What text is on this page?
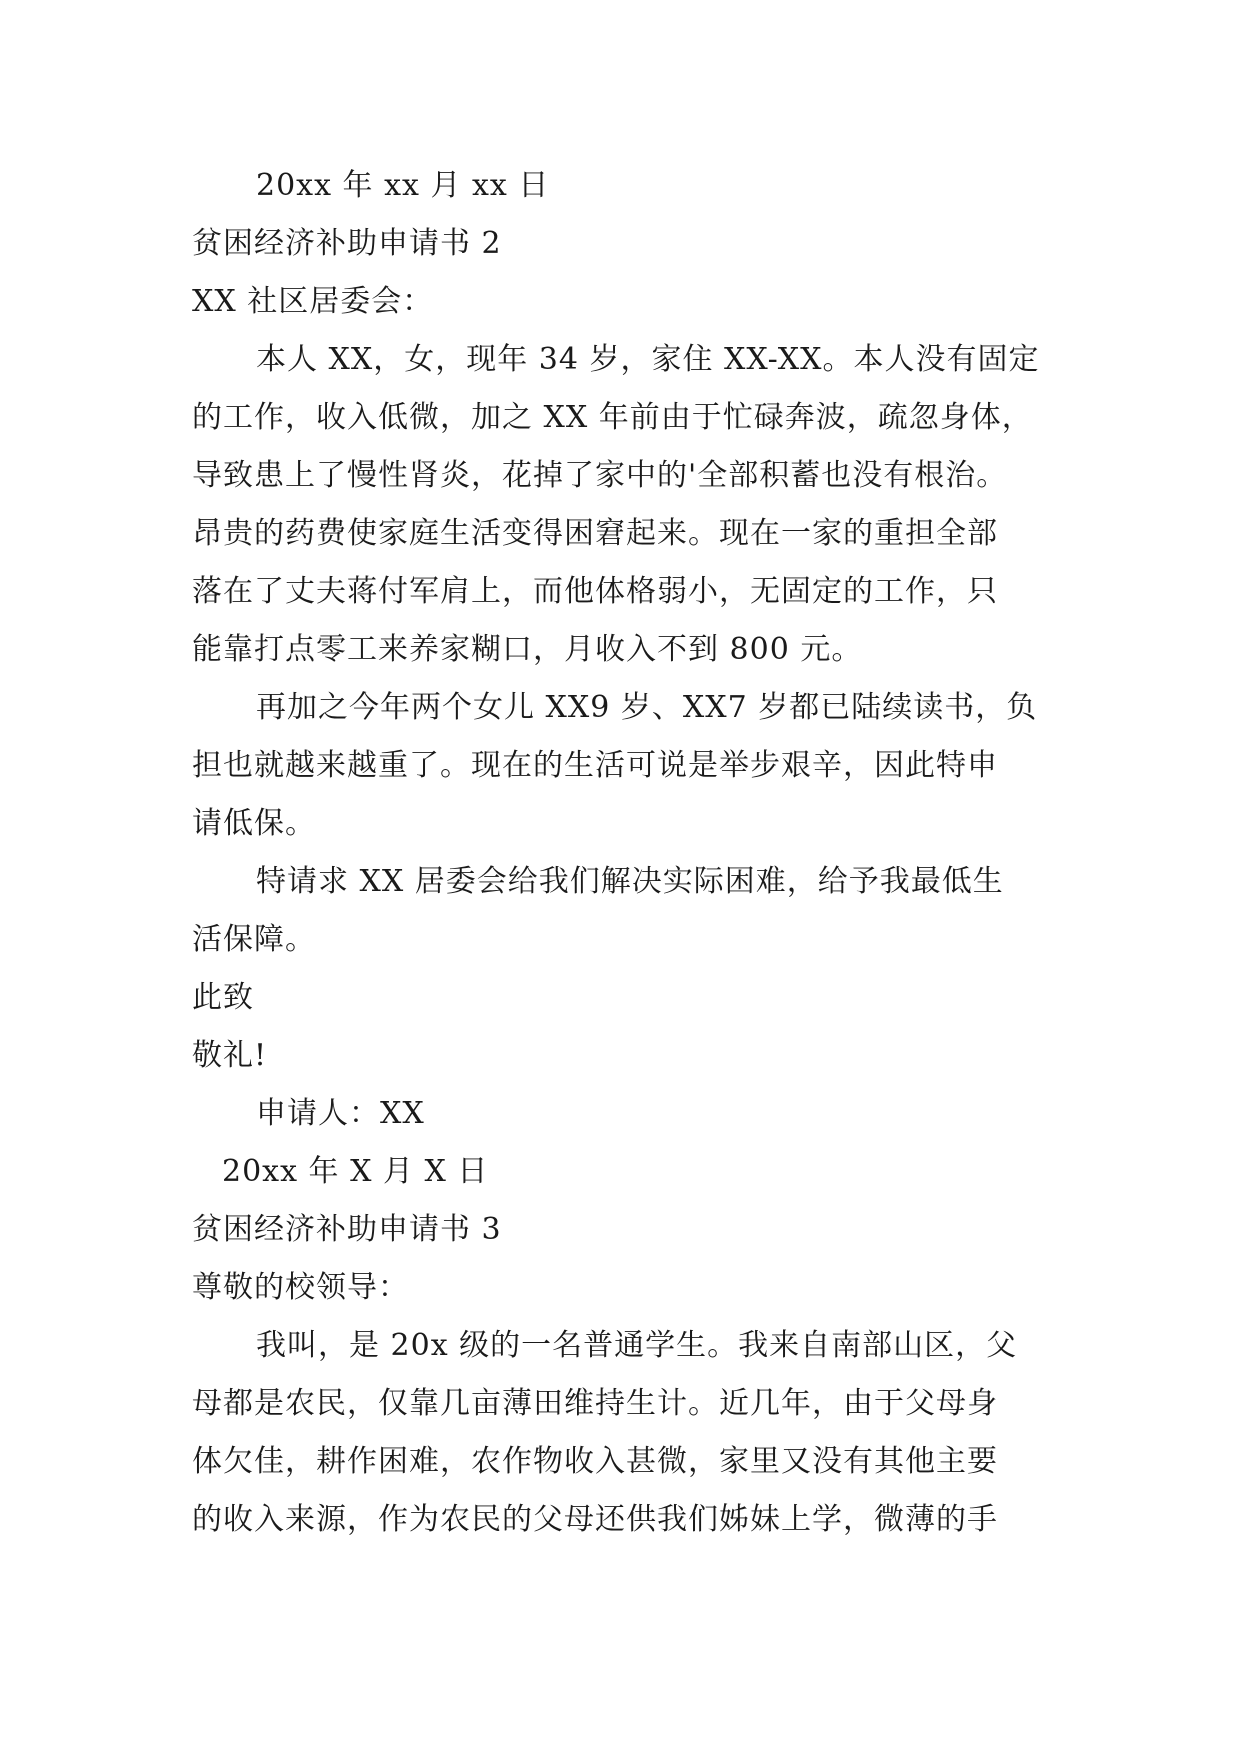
20xx 年 xx 月 xx 日
贫困经济补助申请书 2
XX 社区居委会：
本人 XX，女，现年 34 岁，家住 XX-XX。本人没有固定
的工作，收入低微，加之 XX 年前由于忙碌奔波，疏忽身体，
导致患上了慢性肾炎，花掉了家中的'全部积蓄也没有根治。
昂贵的药费使家庭生活变得困窘起来。现在一家的重担全部
落在了丈夫蒋付军肩上，而他体格弱小，无固定的工作，只
能靠打点零工来养家糊口，月收入不到 800 元。
再加之今年两个女儿 XX9 岁、XX7 岁都已陆续读书，负
担也就越来越重了。现在的生活可说是举步艰辛，因此特申
请低保。
特请求 XX 居委会给我们解决实际困难，给予我最低生
活保障。
此致
敬礼!
申请人：XX
20xx 年 X 月 X 日
贫困经济补助申请书 3
尊敬的校领导：
我叫，是 20x 级的一名普通学生。我来自南部山区，父
母都是农民，仅靠几亩薄田维持生计。近几年，由于父母身
体欠佳，耕作困难，农作物收入甚微，家里又没有其他主要
的收入来源，作为农民的父母还供我们姊妹上学，微薄的手
